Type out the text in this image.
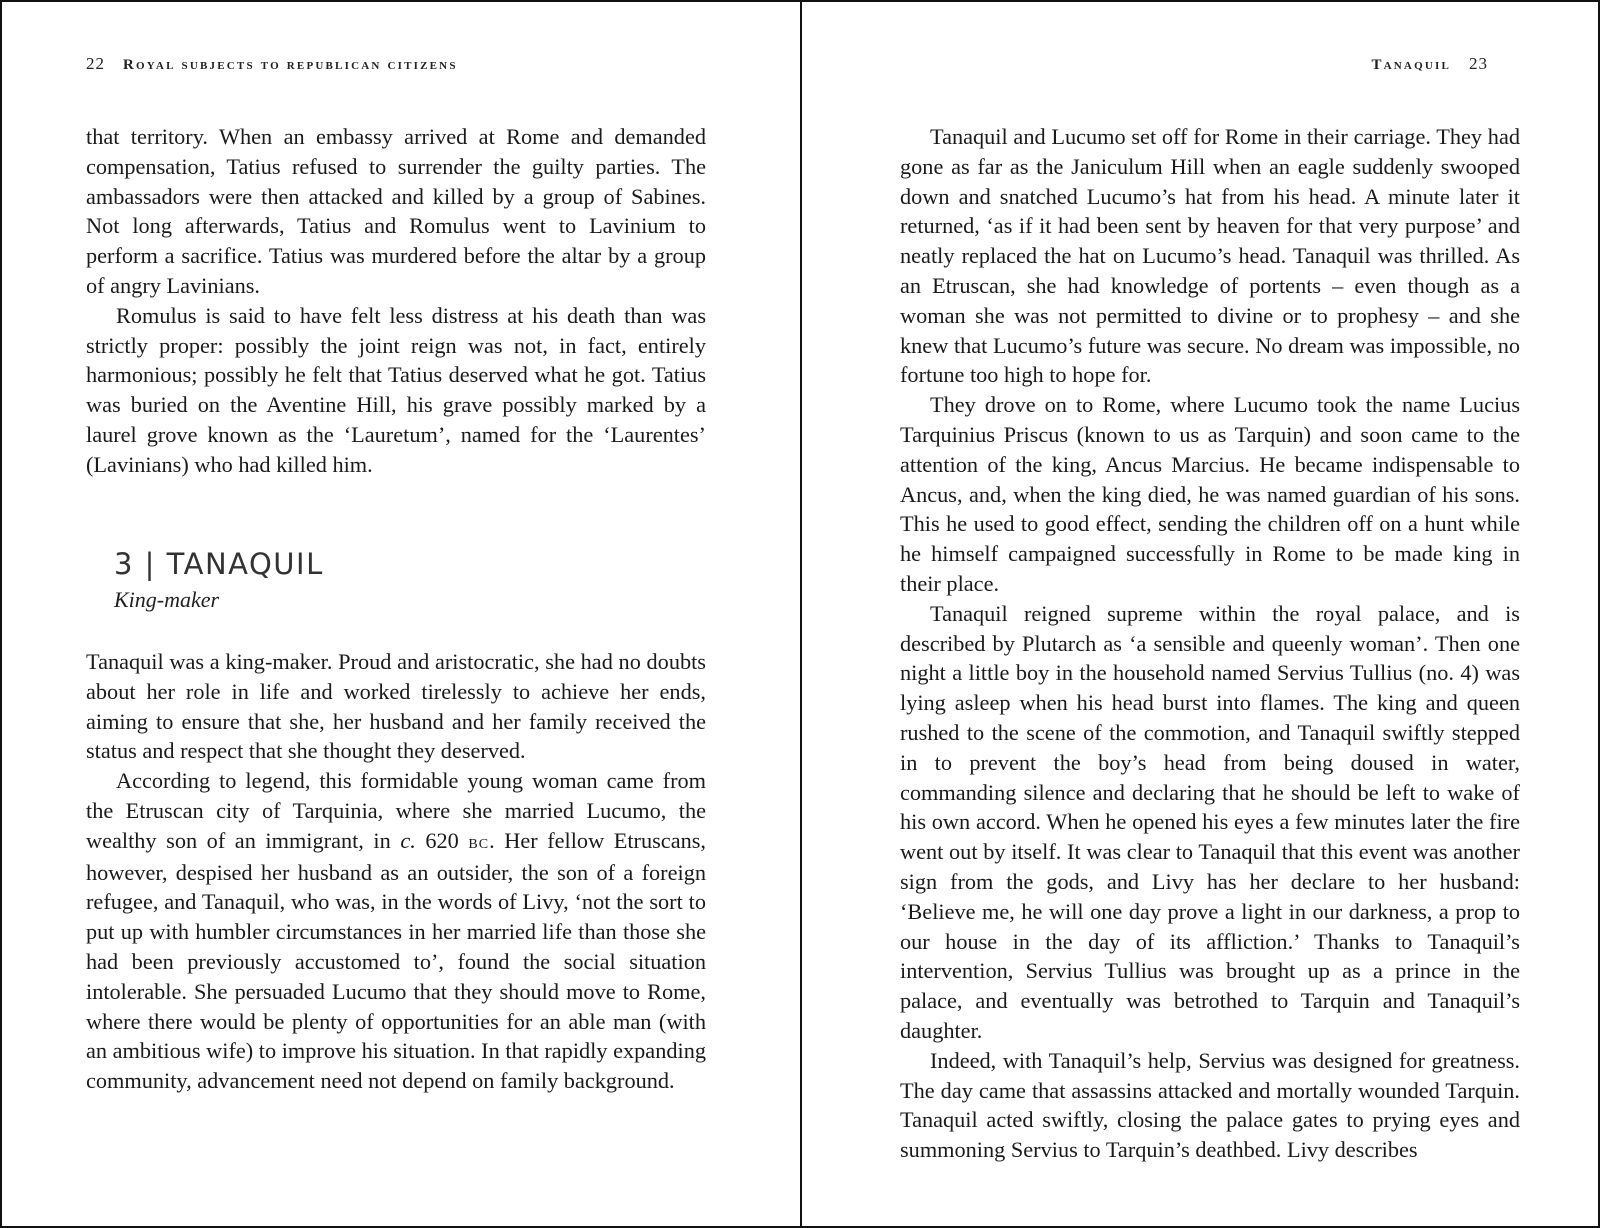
22 Royal subjects to republican citizens

that territory. When an embassy arrived at Rome and demanded compensation, Tatius refused to surrender the guilty parties. The ambassadors were then attacked and killed by a group of Sabines. Not long afterwards, Tatius and Romulus went to Lavinium to perform a sacrifice. Tatius was murdered before the altar by a group of angry Lavinians.

Romulus is said to have felt less distress at his death than was strictly proper: possibly the joint reign was not, in fact, entirely harmonious; possibly he felt that Tatius deserved what he got. Tatius was buried on the Aventine Hill, his grave possibly marked by a laurel grove known as the ‘Lauretum’, named for the ‘Laurentes’ (Lavinians) who had killed him.

3 | TANAQUIL
King-maker

Tanaquil was a king-maker. Proud and aristocratic, she had no doubts about her role in life and worked tirelessly to achieve her ends, aiming to ensure that she, her husband and her family received the status and respect that she thought they deserved.

According to legend, this formidable young woman came from the Etruscan city of Tarquinia, where she married Lucumo, the wealthy son of an immigrant, in c. 620 bc. Her fellow Etruscans, however, despised her husband as an outsider, the son of a foreign refugee, and Tanaquil, who was, in the words of Livy, ‘not the sort to put up with humbler circumstances in her married life than those she had been previously accustomed to’, found the social situation intolerable. She persuaded Lucumo that they should move to Rome, where there would be plenty of opportunities for an able man (with an ambitious wife) to improve his situation. In that rapidly expanding community, advancement need not depend on family background.

Tanaquil 23

Tanaquil and Lucumo set off for Rome in their carriage. They had gone as far as the Janiculum Hill when an eagle suddenly swooped down and snatched Lucumo’s hat from his head. A minute later it returned, ‘as if it had been sent by heaven for that very purpose’ and neatly replaced the hat on Lucumo’s head. Tanaquil was thrilled. As an Etruscan, she had knowledge of portents – even though as a woman she was not permitted to divine or to prophesy – and she knew that Lucumo’s future was secure. No dream was impossible, no fortune too high to hope for.

They drove on to Rome, where Lucumo took the name Lucius Tarquinius Priscus (known to us as Tarquin) and soon came to the attention of the king, Ancus Marcius. He became indispensable to Ancus, and, when the king died, he was named guardian of his sons. This he used to good effect, sending the children off on a hunt while he himself campaigned successfully in Rome to be made king in their place.

Tanaquil reigned supreme within the royal palace, and is described by Plutarch as ‘a sensible and queenly woman’. Then one night a little boy in the household named Servius Tullius (no. 4) was lying asleep when his head burst into flames. The king and queen rushed to the scene of the commotion, and Tanaquil swiftly stepped in to prevent the boy’s head from being doused in water, commanding silence and declaring that he should be left to wake of his own accord. When he opened his eyes a few minutes later the fire went out by itself. It was clear to Tanaquil that this event was another sign from the gods, and Livy has her declare to her husband: ‘Believe me, he will one day prove a light in our darkness, a prop to our house in the day of its affliction.’ Thanks to Tanaquil’s intervention, Servius Tullius was brought up as a prince in the palace, and eventually was betrothed to Tarquin and Tanaquil’s daughter.

Indeed, with Tanaquil’s help, Servius was designed for greatness. The day came that assassins attacked and mortally wounded Tarquin. Tanaquil acted swiftly, closing the palace gates to prying eyes and summoning Servius to Tarquin’s deathbed. Livy describes
